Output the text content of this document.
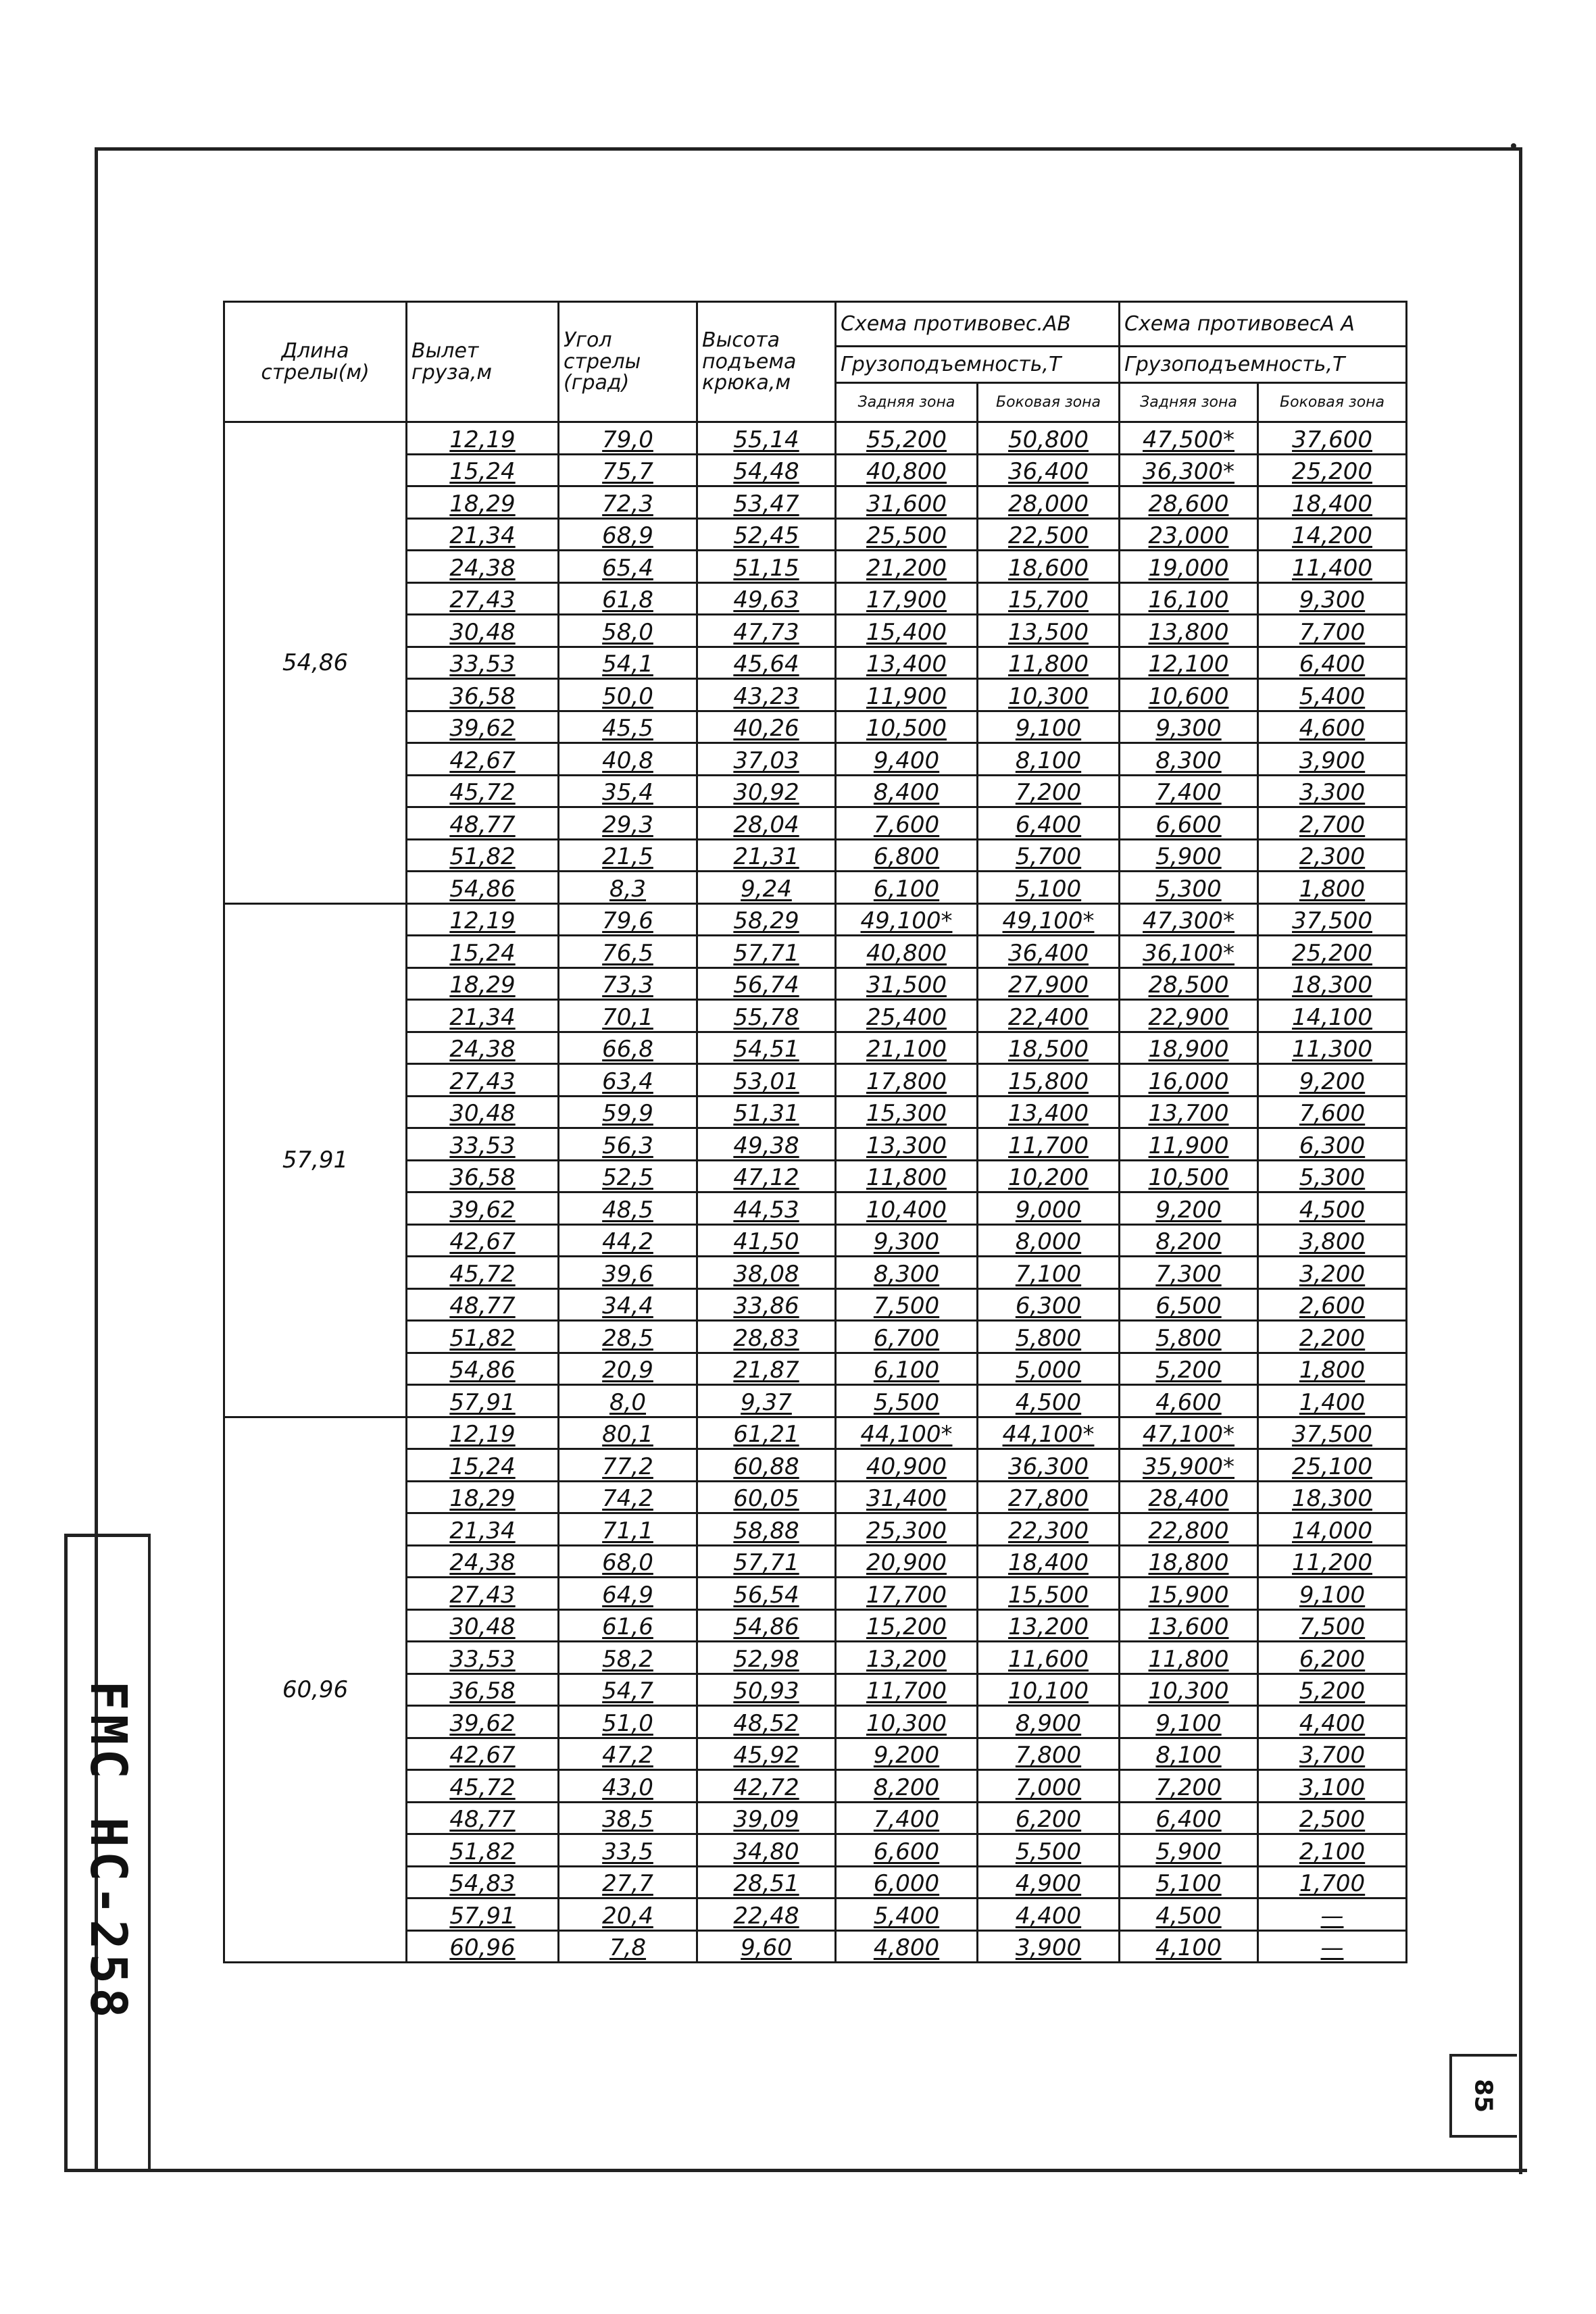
FMC HC-258
85
Длина стрелы(м)	Вылет груза,м	Угол стрелы (град)	Высота подъема крюка,м	Схема противовес.АВ		Схема противовесА А	
				Грузоподъемность,Т		Грузоподъемность,Т	
				Задняя зона	Боковая зона	Задняя зона	Боковая зона
54,86	12,19	79,0	55,14	55,200	50,800	47,500*	37,600
	15,24	75,7	54,48	40,800	36,400	36,300*	25,200
	18,29	72,3	53,47	31,600	28,000	28,600	18,400
	21,34	68,9	52,45	25,500	22,500	23,000	14,200
	24,38	65,4	51,15	21,200	18,600	19,000	11,400
	27,43	61,8	49,63	17,900	15,700	16,100	9,300
	30,48	58,0	47,73	15,400	13,500	13,800	7,700
	33,53	54,1	45,64	13,400	11,800	12,100	6,400
	36,58	50,0	43,23	11,900	10,300	10,600	5,400
	39,62	45,5	40,26	10,500	9,100	9,300	4,600
	42,67	40,8	37,03	9,400	8,100	8,300	3,900
	45,72	35,4	30,92	8,400	7,200	7,400	3,300
	48,77	29,3	28,04	7,600	6,400	6,600	2,700
	51,82	21,5	21,31	6,800	5,700	5,900	2,300
	54,86	8,3	9,24	6,100	5,100	5,300	1,800
57,91	12,19	79,6	58,29	49,100*	49,100*	47,300*	37,500
	15,24	76,5	57,71	40,800	36,400	36,100*	25,200
	18,29	73,3	56,74	31,500	27,900	28,500	18,300
	21,34	70,1	55,78	25,400	22,400	22,900	14,100
	24,38	66,8	54,51	21,100	18,500	18,900	11,300
	27,43	63,4	53,01	17,800	15,800	16,000	9,200
	30,48	59,9	51,31	15,300	13,400	13,700	7,600
	33,53	56,3	49,38	13,300	11,700	11,900	6,300
	36,58	52,5	47,12	11,800	10,200	10,500	5,300
	39,62	48,5	44,53	10,400	9,000	9,200	4,500
	42,67	44,2	41,50	9,300	8,000	8,200	3,800
	45,72	39,6	38,08	8,300	7,100	7,300	3,200
	48,77	34,4	33,86	7,500	6,300	6,500	2,600
	51,82	28,5	28,83	6,700	5,800	5,800	2,200
	54,86	20,9	21,87	6,100	5,000	5,200	1,800
	57,91	8,0	9,37	5,500	4,500	4,600	1,400
60,96	12,19	80,1	61,21	44,100*	44,100*	47,100*	37,500
	15,24	77,2	60,88	40,900	36,300	35,900*	25,100
	18,29	74,2	60,05	31,400	27,800	28,400	18,300
	21,34	71,1	58,88	25,300	22,300	22,800	14,000
	24,38	68,0	57,71	20,900	18,400	18,800	11,200
	27,43	64,9	56,54	17,700	15,500	15,900	9,100
	30,48	61,6	54,86	15,200	13,200	13,600	7,500
	33,53	58,2	52,98	13,200	11,600	11,800	6,200
	36,58	54,7	50,93	11,700	10,100	10,300	5,200
	39,62	51,0	48,52	10,300	8,900	9,100	4,400
	42,67	47,2	45,92	9,200	7,800	8,100	3,700
	45,72	43,0	42,72	8,200	7,000	7,200	3,100
	48,77	38,5	39,09	7,400	6,200	6,400	2,500
	51,82	33,5	34,80	6,600	5,500	5,900	2,100
	54,83	27,7	28,51	6,000	4,900	5,100	1,700
	57,91	20,4	22,48	5,400	4,400	4,500	—
	60,96	7,8	9,60	4,800	3,900	4,100	—
